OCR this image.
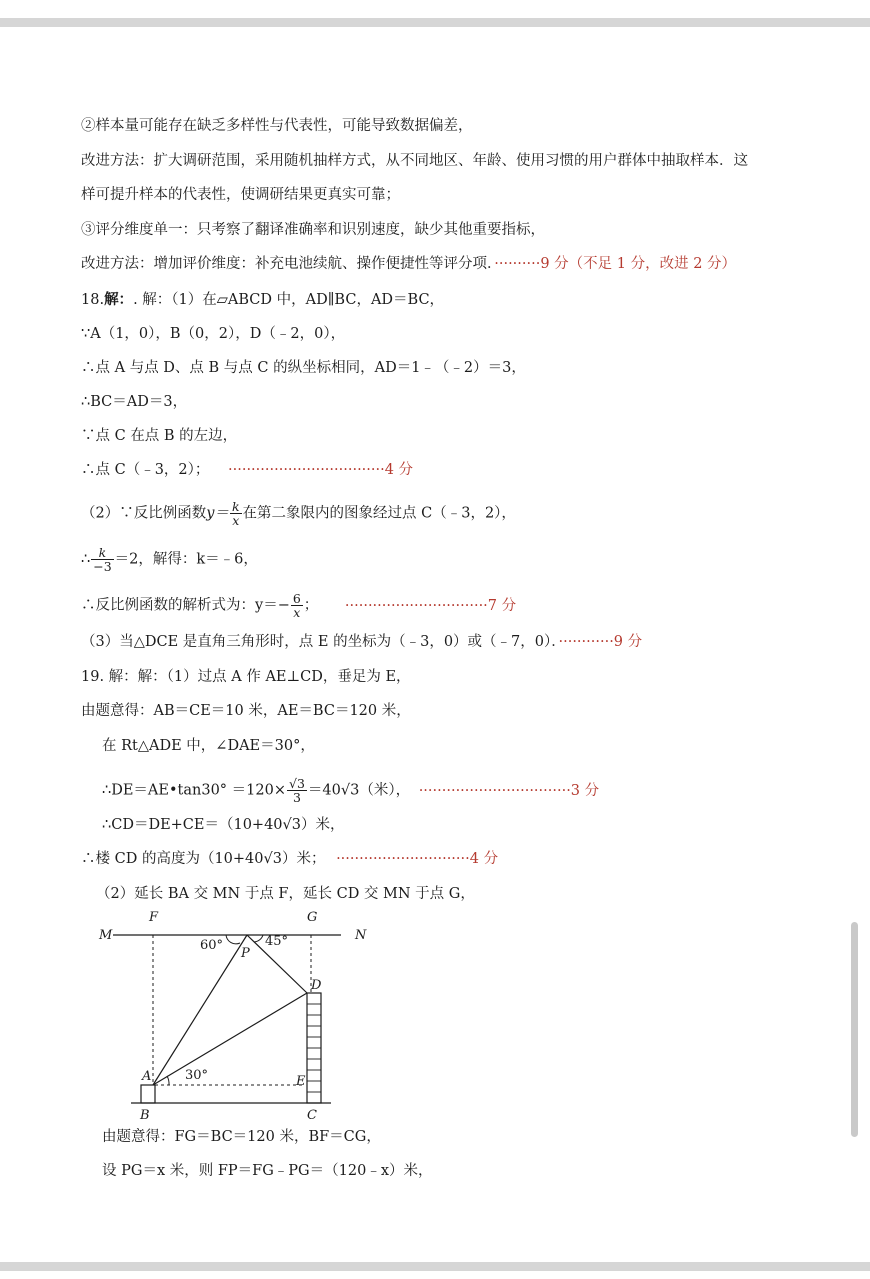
②样本量可能存在缺乏多样性与代表性，可能导致数据偏差，
改进方法：扩大调研范围，采用随机抽样方式，从不同地区、年龄、使用习惯的用户群体中抽取样本．这
样可提升样本的代表性，使调研结果更真实可靠；
③评分维度单一：只考察了翻译准确率和识别速度，缺少其他重要指标，
改进方法：增加评价维度：补充电池续航、操作便捷性等评分项．··········9 分（不足 1 分，改进 2 分）
18.解：. 解：（1）在▱ABCD 中，AD∥BC，AD＝BC，
∵A（1，0），B（0，2），D（﹣2，0），
∴点 A 与点 D、点 B 与点 C 的纵坐标相同，AD＝1﹣（﹣2）＝3，
∴BC＝AD＝3，
∵点 C 在点 B 的左边，
∴点 C（﹣3，2）； ··································4 分
（2）∵反比例函数$y= \frac{k}{x}$ 在第二象限内的图象经过点 C（﹣3，2），
∴ $\frac{k}{-3} =2$，解得：k＝﹣6，
∴反比例函数的解析式为：$y=- \frac{6}{x}$ ； ·······························7 分
（3）当△DCE 是直角三角形时，点 E 的坐标为（﹣3，0）或（﹣7，0）．············9 分
19. 解：解：（1）过点 A 作 AE⊥CD，垂足为 E，
由题意得：AB＝CE＝10 米，AE＝BC＝120 米，
在 Rt△ADE 中，∠DAE＝30°，
∴DE＝AE•tan30° $=120\times \frac{√3}{3} =40√3$（米）， ·································3 分
∴CD＝DE+CE＝（10+40√3）米，
∴楼 CD 的高度为（10+40√3）米； ·····························4 分
（2）延长 BA 交 MN 于点 F，延长 CD 交 MN 于点 G，
M	N
F	G
P
D
A	E
B	C
60°	45°
30°
由题意得：FG＝BC＝120 米，BF＝CG，
设 PG＝x 米，则 FP＝FG﹣PG＝（120﹣x）米，
